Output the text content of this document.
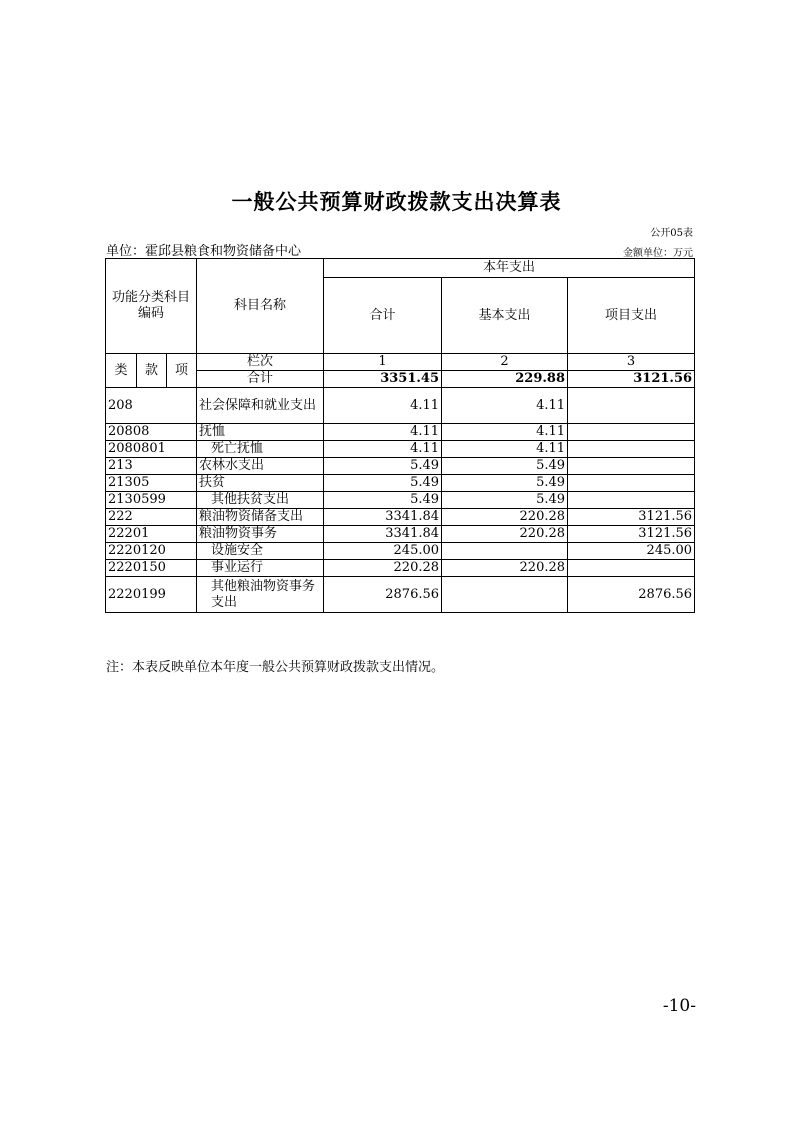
一般公共预算财政拨款支出决算表
公开05表
单位：霍邱县粮食和物资储备中心	金额单位：万元
功能分类科目编码			科目名称	本年支出		
				合计	基本支出	项目支出
类	款	项	栏次	1	2	3
			合计	3351.45	229.88	3121.56
208			社会保障和就业支出	4.11	4.11	
20808			抚恤	4.11	4.11	
2080801			死亡抚恤	4.11	4.11	
213			农林水支出	5.49	5.49	
21305			扶贫	5.49	5.49	
2130599			其他扶贫支出	5.49	5.49	
222			粮油物资储备支出	3341.84	220.28	3121.56
22201			粮油物资事务	3341.84	220.28	3121.56
2220120			设施安全	245.00		245.00
2220150			事业运行	220.28	220.28	
2220199			其他粮油物资事务支出	2876.56		2876.56
注：本表反映单位本年度一般公共预算财政拨款支出情况。
-10-
